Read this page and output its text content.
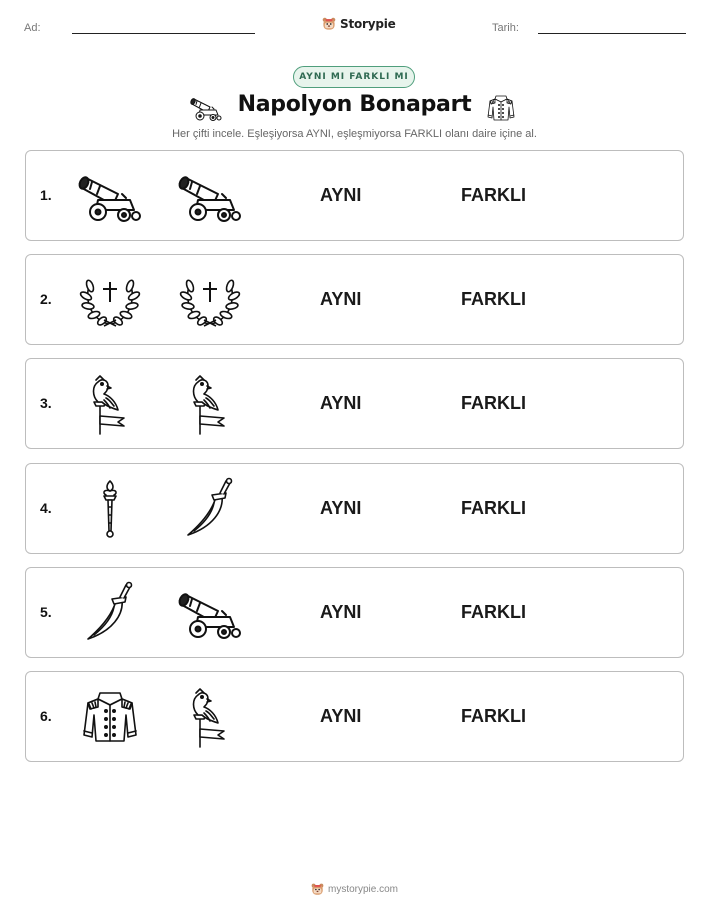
Ad:	Storypie	Tarih:
AYNI MI FARKLI MI
Napolyon Bonapart
Her çifti incele. Eşleşiyorsa AYNI, eşleşmiyorsa FARKLI olanı daire içine al.
1.	AYNI	FARKLI
2.	AYNI	FARKLI
3.	AYNI	FARKLI
4.	AYNI	FARKLI
5.	AYNI	FARKLI
6.	AYNI	FARKLI
mystorypie.com
